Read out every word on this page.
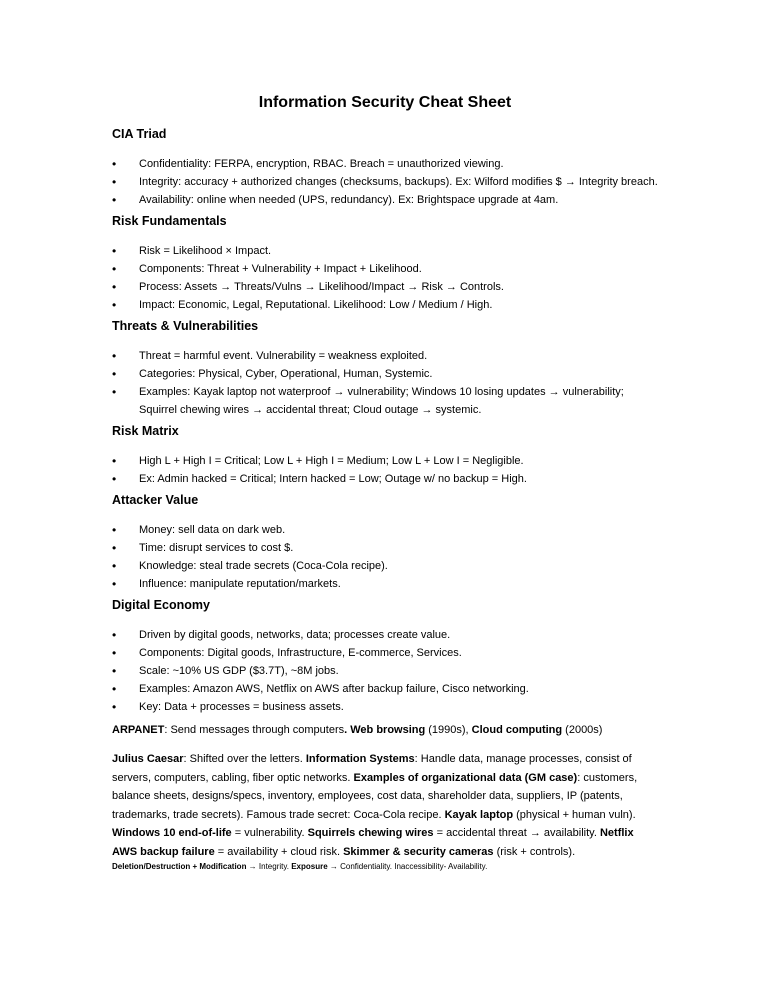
Information Security Cheat Sheet
CIA Triad
• Confidentiality: FERPA, encryption, RBAC. Breach = unauthorized viewing.
• Integrity: accuracy + authorized changes (checksums, backups). Ex: Wilford modifies $ → Integrity breach.
• Availability: online when needed (UPS, redundancy). Ex: Brightspace upgrade at 4am.
Risk Fundamentals
• Risk = Likelihood × Impact.
• Components: Threat + Vulnerability + Impact + Likelihood.
• Process: Assets → Threats/Vulns → Likelihood/Impact → Risk → Controls.
• Impact: Economic, Legal, Reputational. Likelihood: Low / Medium / High.
Threats & Vulnerabilities
• Threat = harmful event. Vulnerability = weakness exploited.
• Categories: Physical, Cyber, Operational, Human, Systemic.
• Examples: Kayak laptop not waterproof → vulnerability; Windows 10 losing updates → vulnerability; Squirrel chewing wires → accidental threat; Cloud outage → systemic.
Risk Matrix
• High L + High I = Critical; Low L + High I = Medium; Low L + Low I = Negligible.
• Ex: Admin hacked = Critical; Intern hacked = Low; Outage w/ no backup = High.
Attacker Value
• Money: sell data on dark web.
• Time: disrupt services to cost $.
• Knowledge: steal trade secrets (Coca-Cola recipe).
• Influence: manipulate reputation/markets.
Digital Economy
• Driven by digital goods, networks, data; processes create value.
• Components: Digital goods, Infrastructure, E-commerce, Services.
• Scale: ~10% US GDP ($3.7T), ~8M jobs.
• Examples: Amazon AWS, Netflix on AWS after backup failure, Cisco networking.
• Key: Data + processes = business assets.

ARPANET: Send messages through computers. Web browsing (1990s), Cloud computing (2000s)

Julius Caesar: Shifted over the letters. Information Systems: Handle data, manage processes, consist of servers, computers, cabling, fiber optic networks. Examples of organizational data (GM case): customers, balance sheets, designs/specs, inventory, employees, cost data, shareholder data, suppliers, IP (patents, trademarks, trade secrets). Famous trade secret: Coca-Cola recipe. Kayak laptop (physical + human vuln). Windows 10 end-of-life = vulnerability. Squirrels chewing wires = accidental threat → availability. Netflix AWS backup failure = availability + cloud risk. Skimmer & security cameras (risk + controls).

Deletion/Destruction + Modification → Integrity. Exposure → Confidentiality. Inaccessibility- Availability.
